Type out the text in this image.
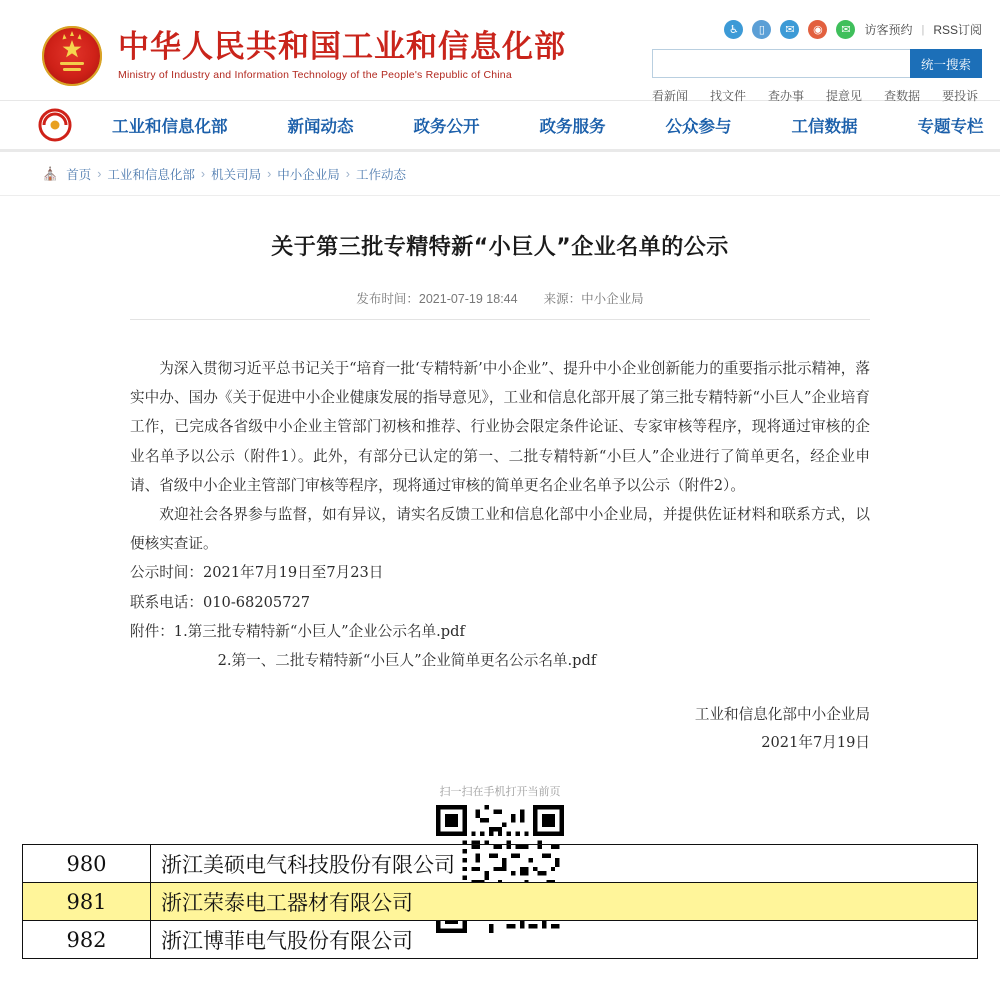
中华人民共和国工业和信息化部
Ministry of Industry and Information Technology of the People's Republic of China
♿	▯	✉	◉	✉	访客预约 | RSS订阅
统一搜索
看新闻 找文件 查办事 提意见 查数据 要投诉
工业和信息化部	新闻动态	政务公开	政务服务	公众参与	工信数据	专题专栏
⛪ 首页 › 工业和信息化部 › 机关司局 › 中小企业局 › 工作动态
关于第三批专精特新“小巨人”企业名单的公示
发布时间：2021-07-19 18:44 来源：中小企业局

为深入贯彻习近平总书记关于“培育一批‘专精特新’中小企业”、提升中小企业创新能力的重要指示批示精神，落实中办、国办《关于促进中小企业健康发展的指导意见》，工业和信息化部开展了第三批专精特新“小巨人”企业培育工作，已完成各省级中小企业主管部门初核和推荐、行业协会限定条件论证、专家审核等程序，现将通过审核的企业名单予以公示（附件1）。此外，有部分已认定的第一、二批专精特新“小巨人”企业进行了简单更名，经企业申请、省级中小企业主管部门审核等程序，现将通过审核的简单更名企业名单予以公示（附件2）。

欢迎社会各界参与监督，如有异议，请实名反馈工业和信息化部中小企业局，并提供佐证材料和联系方式，以便核实查证。

公示时间：2021年7月19日至7月23日

联系电话：010-68205727

附件：1.第三批专精特新“小巨人”企业公示名单.pdf

2.第一、二批专精特新“小巨人”企业简单更名公示名单.pdf

工业和信息化部中小企业局
2021年7月19日
扫一扫在手机打开当前页
980	浙江美硕电气科技股份有限公司
981	浙江荣泰电工器材有限公司
982	浙江博菲电气股份有限公司
